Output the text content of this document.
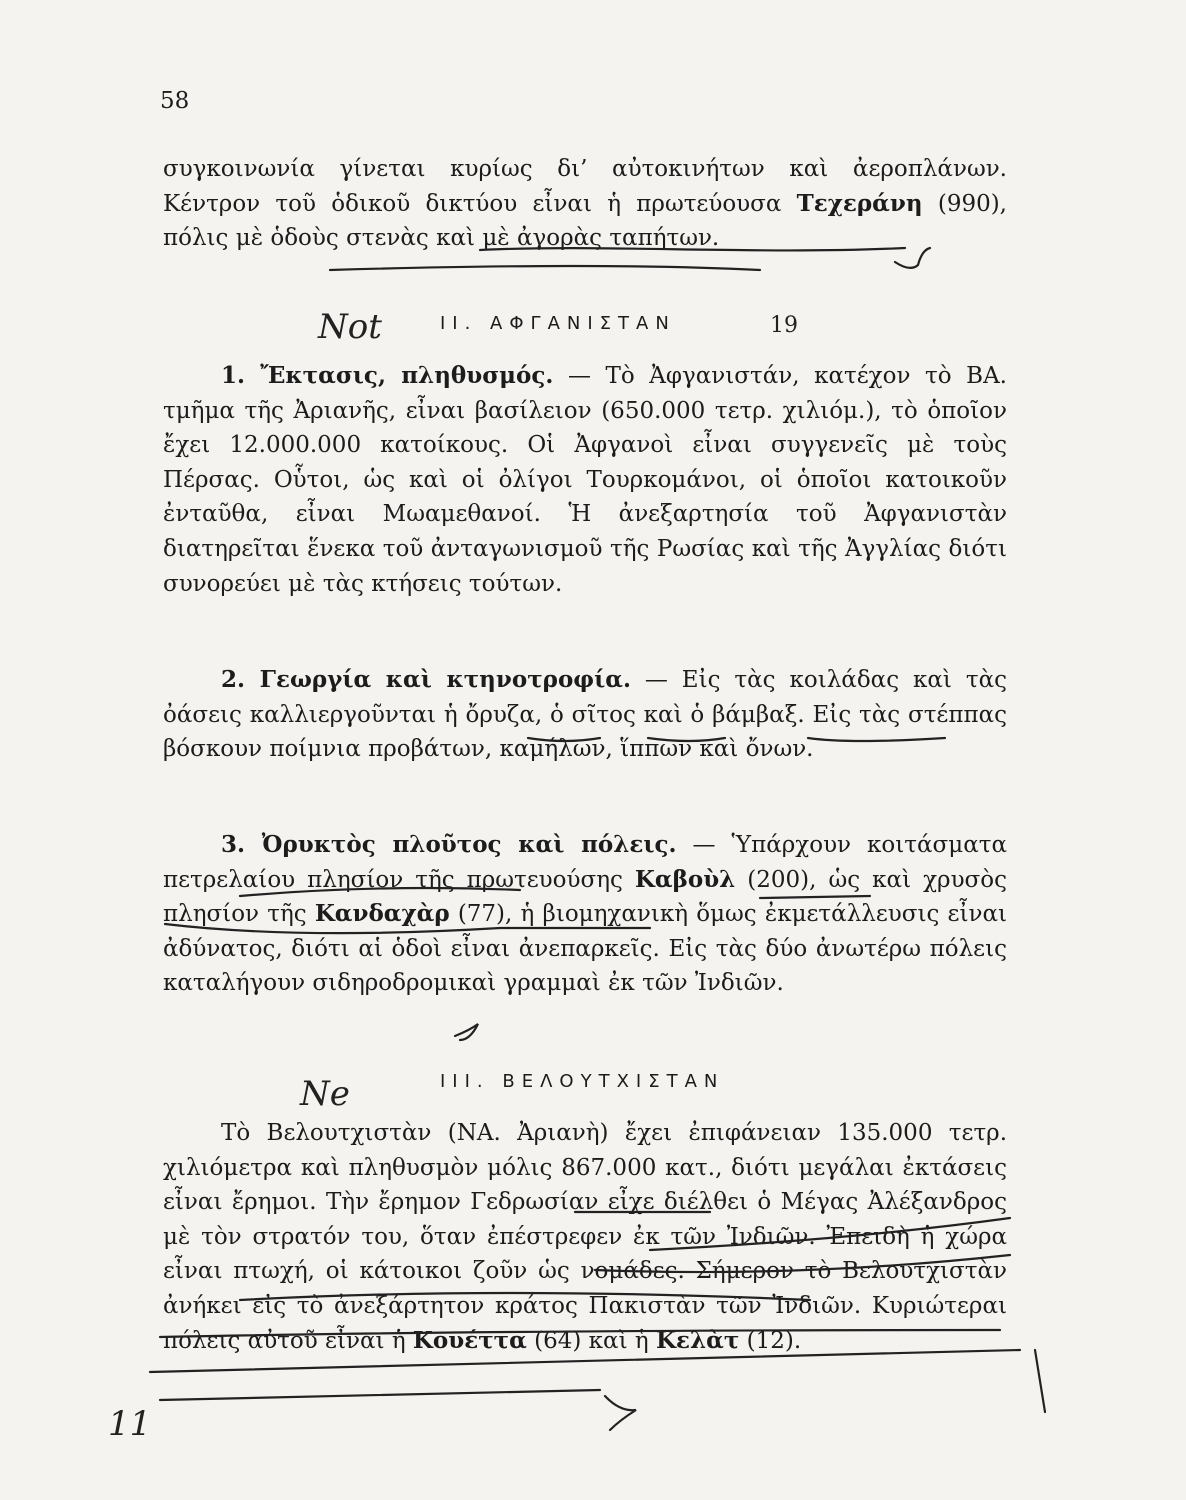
58

συγκοινωνία γίνεται κυρίως δι’ αὐτοκινήτων καὶ ἀεροπλάνων. Κέντρον τοῦ ὁδικοῦ δικτύου εἶναι ἡ πρωτεύουσα Τεχεράνη (990), πόλις μὲ ὁδοὺς στενὰς καὶ μὲ ἀγορὰς ταπήτων.

II. ΑΦΓΑΝΙΣΤΑΝ

1. Ἔκτασις, πληθυσμός. — Τὸ Ἀφγανιστάν, κατέχον τὸ ΒΑ. τμῆμα τῆς Ἀριανῆς, εἶναι βασίλειον (650.000 τετρ. χιλιόμ.), τὸ ὁποῖον ἔχει 12.000.000 κατοίκους. Οἱ Ἀφγανοὶ εἶναι συγγενεῖς μὲ τοὺς Πέρσας. Οὗτοι, ὡς καὶ οἱ ὀλίγοι Τουρκομάνοι, οἱ ὁποῖοι κατοικοῦν ἐνταῦθα, εἶναι Μωαμεθανοί. Ἡ ἀνεξαρτησία τοῦ Ἀφγανιστὰν διατηρεῖται ἕνεκα τοῦ ἀνταγωνισμοῦ τῆς Ρωσίας καὶ τῆς Ἀγγλίας διότι συνορεύει μὲ τὰς κτήσεις τούτων.

2. Γεωργία καὶ κτηνοτροφία. — Εἰς τὰς κοιλάδας καὶ τὰς ὀάσεις καλλιεργοῦνται ἡ ὄρυζα, ὁ σῖτος καὶ ὁ βάμβαξ. Εἰς τὰς στέππας βόσκουν ποίμνια προβάτων, καμήλων, ἵππων καὶ ὄνων.

3. Ὀρυκτὸς πλοῦτος καὶ πόλεις. — Ὑπάρχουν κοιτάσματα πετρελαίου πλησίον τῆς πρωτευούσης Καβοὺλ (200), ὡς καὶ χρυσὸς πλησίον τῆς Κανδαχὰρ (77), ἡ βιομηχανικὴ ὅμως ἐκμετάλλευσις εἶναι ἀδύνατος, διότι αἱ ὁδοὶ εἶναι ἀνεπαρκεῖς. Εἰς τὰς δύο ἀνωτέρω πόλεις καταλήγουν σιδηροδρομικαὶ γραμμαὶ ἐκ τῶν Ἰνδιῶν.

III. ΒΕΛΟΥΤΧΙΣΤΑΝ

Τὸ Βελουτχιστὰν (ΝΑ. Ἀριανὴ) ἔχει ἐπιφάνειαν 135.000 τετρ. χιλιόμετρα καὶ πληθυσμὸν μόλις 867.000 κατ., διότι μεγάλαι ἐκτάσεις εἶναι ἔρημοι. Τὴν ἔρημον Γεδρωσίαν εἶχε διέλθει ὁ Μέγας Ἀλέξανδρος μὲ τὸν στρατόν του, ὅταν ἐπέστρεφεν ἐκ τῶν Ἰνδιῶν. Ἐπειδὴ ἡ χώρα εἶναι πτωχή, οἱ κάτοικοι ζοῦν ὡς νομάδες. Σήμερον τὸ Βελουτχιστὰν ἀνήκει εἰς τὸ ἀνεξάρτητον κράτος Πακιστὰν τῶν Ἰνδιῶν. Κυριώτεραι πόλεις αὐτοῦ εἶναι ἡ Κουέττα (64) καὶ ἡ Κελὰτ (12).

Not	19
Ne
11
